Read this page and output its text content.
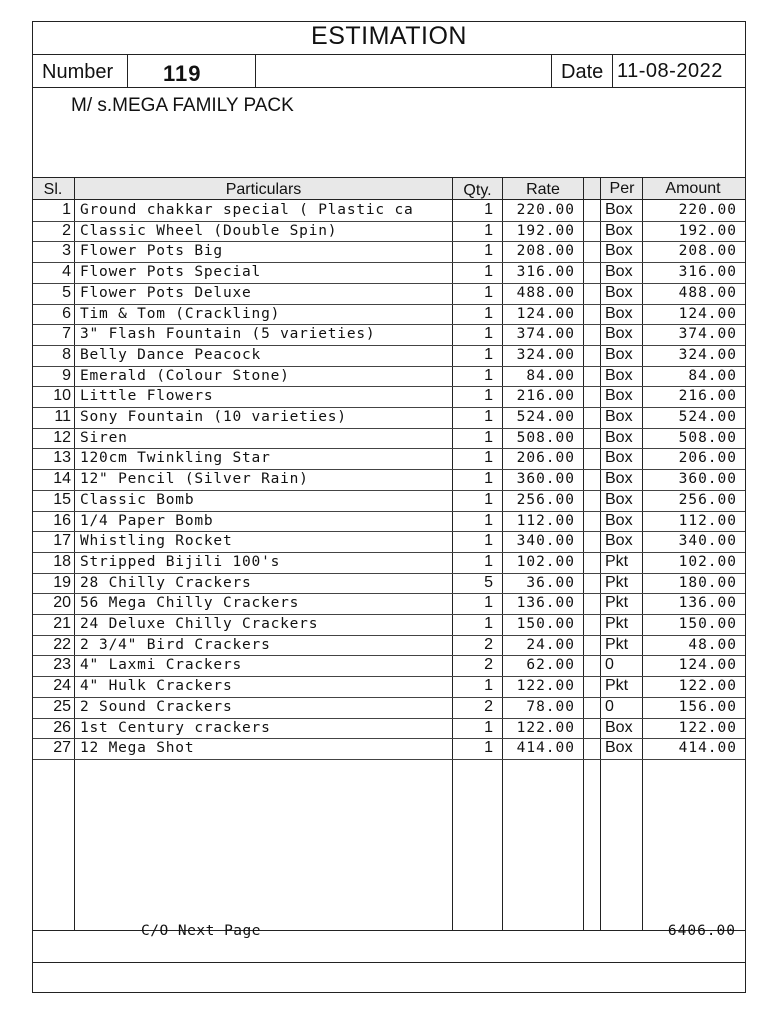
ESTIMATION
Number 119	Date 11-08-2022
M/ s.MEGA FAMILY PACK
Sl.	Particulars	Qty.	Rate	Per	Amount
1 Ground chakkar special ( Plastic ca	1	220.00 Box	220.00
2 Classic Wheel (Double Spin)	1	192.00 Box	192.00
3 Flower Pots Big	1	208.00 Box	208.00
4 Flower Pots Special	1	316.00 Box	316.00
5 Flower Pots Deluxe	1	488.00 Box	488.00
6 Tim & Tom (Crackling)	1	124.00 Box	124.00
7 3" Flash Fountain (5 varieties)	1	374.00 Box	374.00
8 Belly Dance Peacock	1	324.00 Box	324.00
9 Emerald (Colour Stone)	1	84.00 Box	84.00
10 Little Flowers	1	216.00 Box	216.00
11 Sony Fountain (10 varieties)	1	524.00 Box	524.00
12 Siren	1	508.00 Box	508.00
13 120cm Twinkling Star	1	206.00 Box	206.00
14 12" Pencil (Silver Rain)	1	360.00 Box	360.00
15 Classic Bomb	1	256.00 Box	256.00
16 1/4 Paper Bomb	1	112.00 Box	112.00
17 Whistling Rocket	1	340.00 Box	340.00
18 Stripped Bijili 100's	1	102.00 Pkt	102.00
19 28 Chilly Crackers	5	36.00 Pkt	180.00
20 56 Mega Chilly Crackers	1	136.00 Pkt	136.00
21 24 Deluxe Chilly Crackers	1	150.00 Pkt	150.00
22 2 3/4" Bird Crackers	2	24.00 Pkt	48.00
23 4" Laxmi Crackers	2	62.00 0	124.00
24 4" Hulk Crackers	1	122.00 Pkt	122.00
25 2 Sound Crackers	2	78.00 0	156.00
26 1st Century crackers	1	122.00 Box	122.00
27 12 Mega Shot	1	414.00 Box	414.00
C/O Next Page	6406.00
